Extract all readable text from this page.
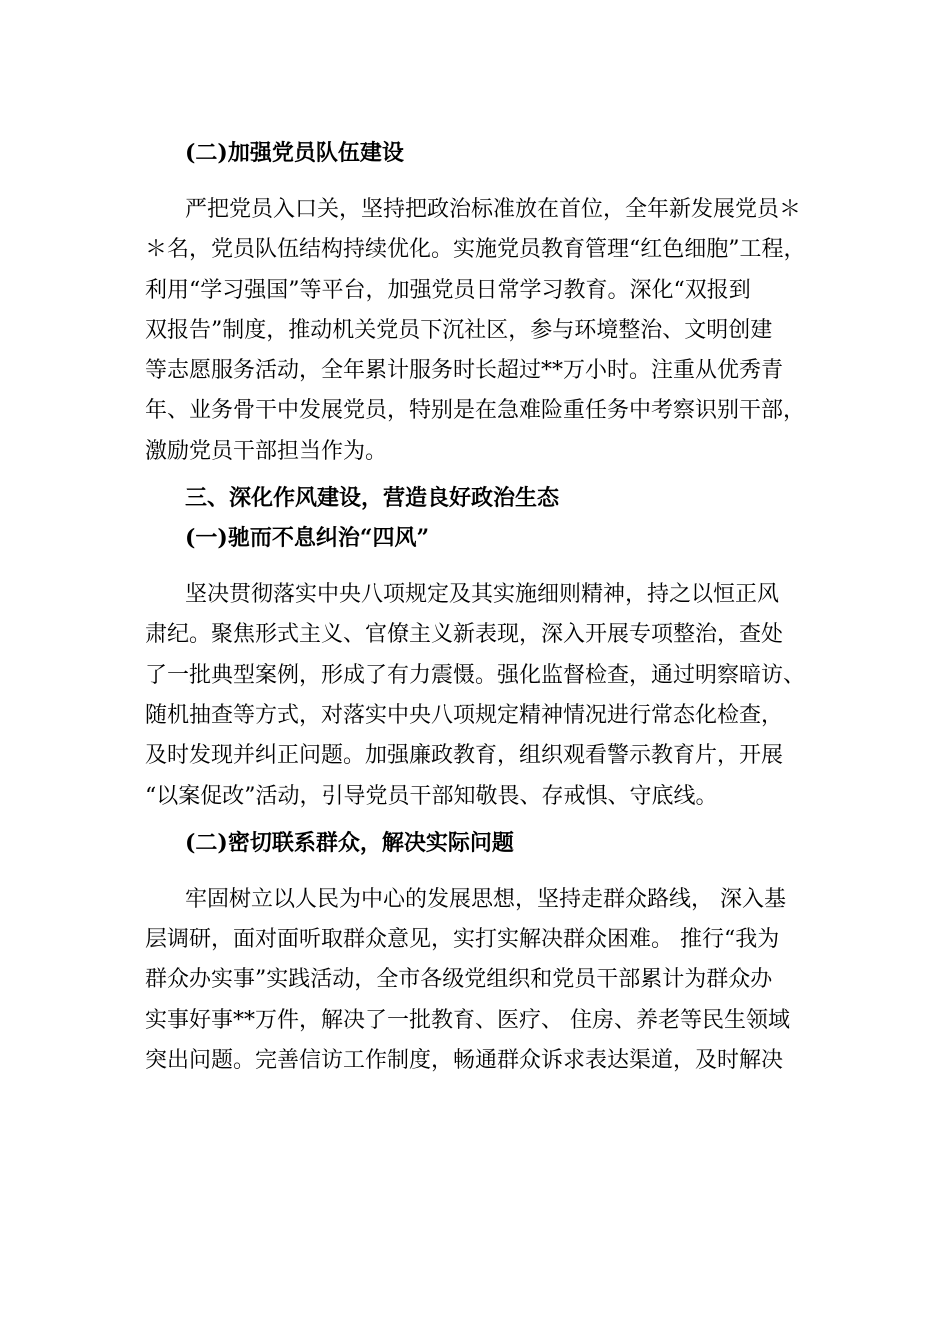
(二)加强党员队伍建设
严把党员入口关，坚持把政治标准放在首位，全年新发展党员＊
＊名，党员队伍结构持续优化。实施党员教育管理“红色细胞”工程，
利用“学习强国”等平台，加强党员日常学习教育。深化“双报到
双报告”制度，推动机关党员下沉社区，参与环境整治、文明创建
等志愿服务活动，全年累计服务时长超过**万小时。注重从优秀青
年、业务骨干中发展党员，特别是在急难险重任务中考察识别干部，
激励党员干部担当作为。
三、深化作风建设，营造良好政治生态
(一)驰而不息纠治“四风”
坚决贯彻落实中央八项规定及其实施细则精神，持之以恒正风
肃纪。聚焦形式主义、官僚主义新表现，深入开展专项整治，查处
了一批典型案例，形成了有力震慑。强化监督检查，通过明察暗访、
随机抽查等方式，对落实中央八项规定精神情况进行常态化检查，
及时发现并纠正问题。加强廉政教育，组织观看警示教育片，开展
“以案促改”活动，引导党员干部知敬畏、存戒惧、守底线。
(二)密切联系群众，解决实际问题
牢固树立以人民为中心的发展思想，坚持走群众路线， 深入基
层调研，面对面听取群众意见，实打实解决群众困难。 推行“我为
群众办实事”实践活动，全市各级党组织和党员干部累计为群众办
实事好事**万件，解决了一批教育、医疗、 住房、养老等民生领域
突出问题。完善信访工作制度，畅通群众诉求表达渠道，及时解决
